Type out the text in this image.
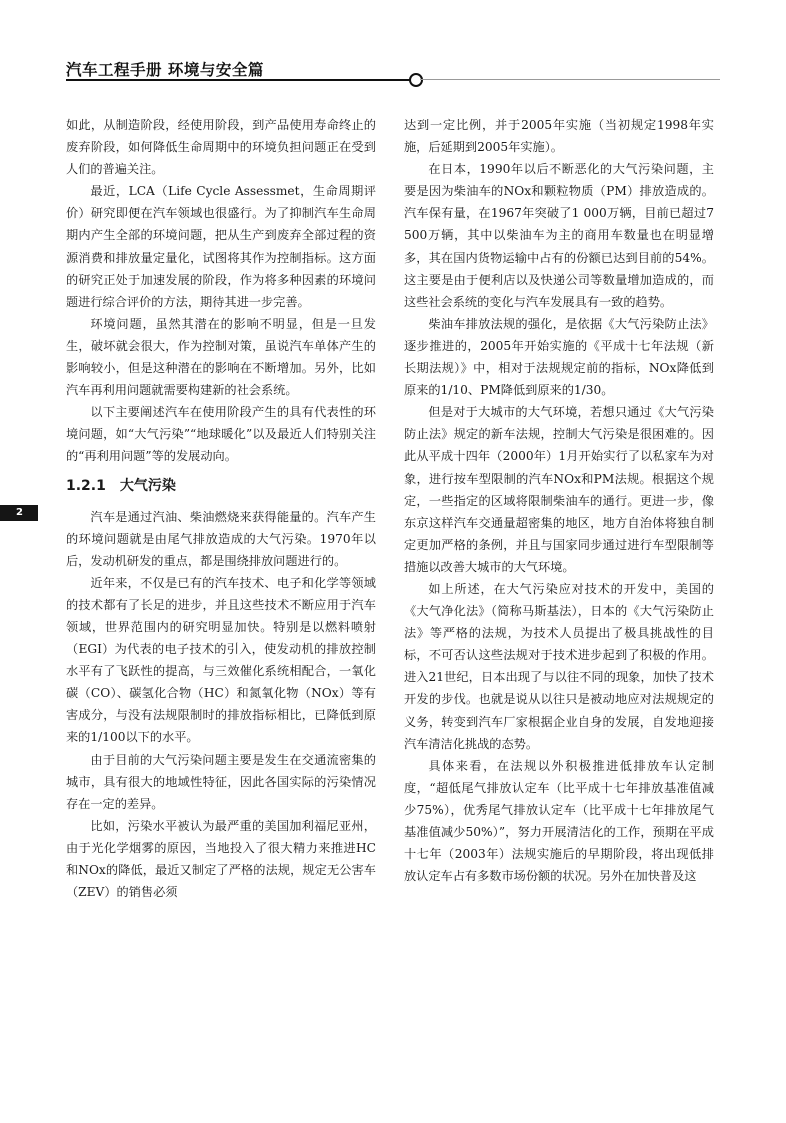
汽车工程手册 环境与安全篇
2

如此，从制造阶段，经使用阶段，到产品使用寿命终止的废弃阶段，如何降低生命周期中的环境负担问题正在受到人们的普遍关注。

最近，LCA（Life Cycle Assessmet，生命周期评价）研究即便在汽车领域也很盛行。为了抑制汽车生命周期内产生全部的环境问题，把从生产到废弃全部过程的资源消费和排放量定量化，试图将其作为控制指标。这方面的研究正处于加速发展的阶段，作为将多种因素的环境问题进行综合评价的方法，期待其进一步完善。

环境问题，虽然其潜在的影响不明显，但是一旦发生，破坏就会很大，作为控制对策，虽说汽车单体产生的影响较小，但是这种潜在的影响在不断增加。另外，比如汽车再利用问题就需要构建新的社会系统。

以下主要阐述汽车在使用阶段产生的具有代表性的环境问题，如“大气污染”“地球暖化”以及最近人们特别关注的“再利用问题”等的发展动向。

1.2.1 大气污染

汽车是通过汽油、柴油燃烧来获得能量的。汽车产生的环境问题就是由尾气排放造成的大气污染。1970年以后，发动机研发的重点，都是围绕排放问题进行的。

近年来，不仅是已有的汽车技术、电子和化学等领域的技术都有了长足的进步，并且这些技术不断应用于汽车领域，世界范围内的研究明显加快。特别是以燃料喷射（EGI）为代表的电子技术的引入，使发动机的排放控制水平有了飞跃性的提高，与三效催化系统相配合，一氧化碳（CO）、碳氢化合物（HC）和氮氧化物（NOx）等有害成分，与没有法规限制时的排放指标相比，已降低到原来的1/100以下的水平。

由于目前的大气污染问题主要是发生在交通流密集的城市，具有很大的地域性特征，因此各国实际的污染情况存在一定的差异。

比如，污染水平被认为最严重的美国加利福尼亚州，由于光化学烟雾的原因，当地投入了很大精力来推进HC和NOx的降低，最近又制定了严格的法规，规定无公害车（ZEV）的销售必须

达到一定比例，并于2005年实施（当初规定1998年实施，后延期到2005年实施）。

在日本，1990年以后不断恶化的大气污染问题，主要是因为柴油车的NOx和颗粒物质（PM）排放造成的。汽车保有量，在1967年突破了1 000万辆，目前已超过7 500万辆，其中以柴油车为主的商用车数量也在明显增多，其在国内货物运输中占有的份额已达到目前的54%。这主要是由于便利店以及快递公司等数量增加造成的，而这些社会系统的变化与汽车发展具有一致的趋势。

柴油车排放法规的强化，是依据《大气污染防止法》逐步推进的，2005年开始实施的《平成十七年法规（新长期法规）》中，相对于法规规定前的指标，NOx降低到原来的1/10、PM降低到原来的1/30。

但是对于大城市的大气环境，若想只通过《大气污染防止法》规定的新车法规，控制大气污染是很困难的。因此从平成十四年（2000年）1月开始实行了以私家车为对象，进行按车型限制的汽车NOx和PM法规。根据这个规定，一些指定的区域将限制柴油车的通行。更进一步，像东京这样汽车交通量超密集的地区，地方自治体将独自制定更加严格的条例，并且与国家同步通过进行车型限制等措施以改善大城市的大气环境。

如上所述，在大气污染应对技术的开发中，美国的《大气净化法》（简称马斯基法），日本的《大气污染防止法》等严格的法规，为技术人员提出了极具挑战性的目标，不可否认这些法规对于技术进步起到了积极的作用。进入21世纪，日本出现了与以往不同的现象，加快了技术开发的步伐。也就是说从以往只是被动地应对法规规定的义务，转变到汽车厂家根据企业自身的发展，自发地迎接汽车清洁化挑战的态势。

具体来看，在法规以外积极推进低排放车认定制度，“超低尾气排放认定车（比平成十七年排放基准值减少75%），优秀尾气排放认定车（比平成十七年排放尾气基准值减少50%）”，努力开展清洁化的工作，预期在平成十七年（2003年）法规实施后的早期阶段，将出现低排放认定车占有多数市场份额的状况。另外在加快普及这
